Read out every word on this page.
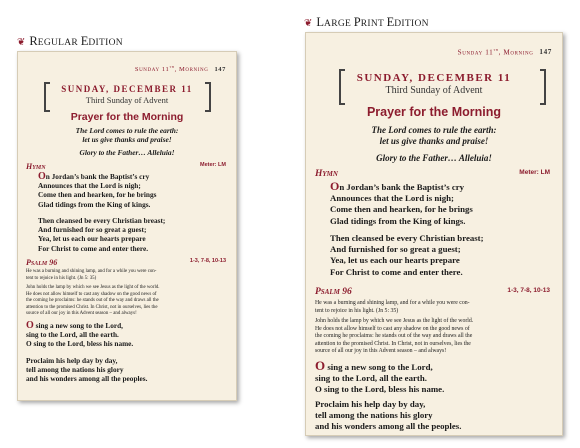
❦ REGULAR EDITION
❦ LARGE PRINT EDITION
Sunday 11th, Morning 147
SUNDAY, DECEMBER 11
Third Sunday of Advent
Prayer for the Morning
The Lord comes to rule the earth:
let us give thanks and praise!
Glory to the Father… Alleluia!
Hymn	Meter: LM
On Jordan’s bank the Baptist’s cry
Announces that the Lord is nigh;
Come then and hearken, for he brings
Glad tidings from the King of kings.
Then cleansed be every Christian breast;
And furnished for so great a guest;
Yea, let us each our hearts prepare
For Christ to come and enter there.
Psalm 96	1-3, 7-8, 10-13
He was a burning and shining lamp, and for a while you were con-
tent to rejoice in his light. (Jn 5: 35)
John holds the lamp by which we see Jesus as the light of the world.
He does not allow himself to cast any shadow on the good news of
the coming he proclaims: he stands out of the way and draws all the
attention to the promised Christ. In Christ, not in ourselves, lies the
source of all our joy in this Advent season – and always!
O sing a new song to the Lord,
sing to the Lord, all the earth.
O sing to the Lord, bless his name.
Proclaim his help day by day,
tell among the nations his glory
and his wonders among all the peoples.
Sunday 11th, Morning 147
SUNDAY, DECEMBER 11
Third Sunday of Advent
Prayer for the Morning
The Lord comes to rule the earth:
let us give thanks and praise!
Glory to the Father… Alleluia!
Hymn	Meter: LM
On Jordan’s bank the Baptist’s cry
Announces that the Lord is nigh;
Come then and hearken, for he brings
Glad tidings from the King of kings.
Then cleansed be every Christian breast;
And furnished for so great a guest;
Yea, let us each our hearts prepare
For Christ to come and enter there.
Psalm 96	1-3, 7-8, 10-13
He was a burning and shining lamp, and for a while you were con-
tent to rejoice in his light. (Jn 5: 35)
John holds the lamp by which we see Jesus as the light of the world.
He does not allow himself to cast any shadow on the good news of
the coming he proclaims: he stands out of the way and draws all the
attention to the promised Christ. In Christ, not in ourselves, lies the
source of all our joy in this Advent season – and always!
O sing a new song to the Lord,
sing to the Lord, all the earth.
O sing to the Lord, bless his name.
Proclaim his help day by day,
tell among the nations his glory
and his wonders among all the peoples.
